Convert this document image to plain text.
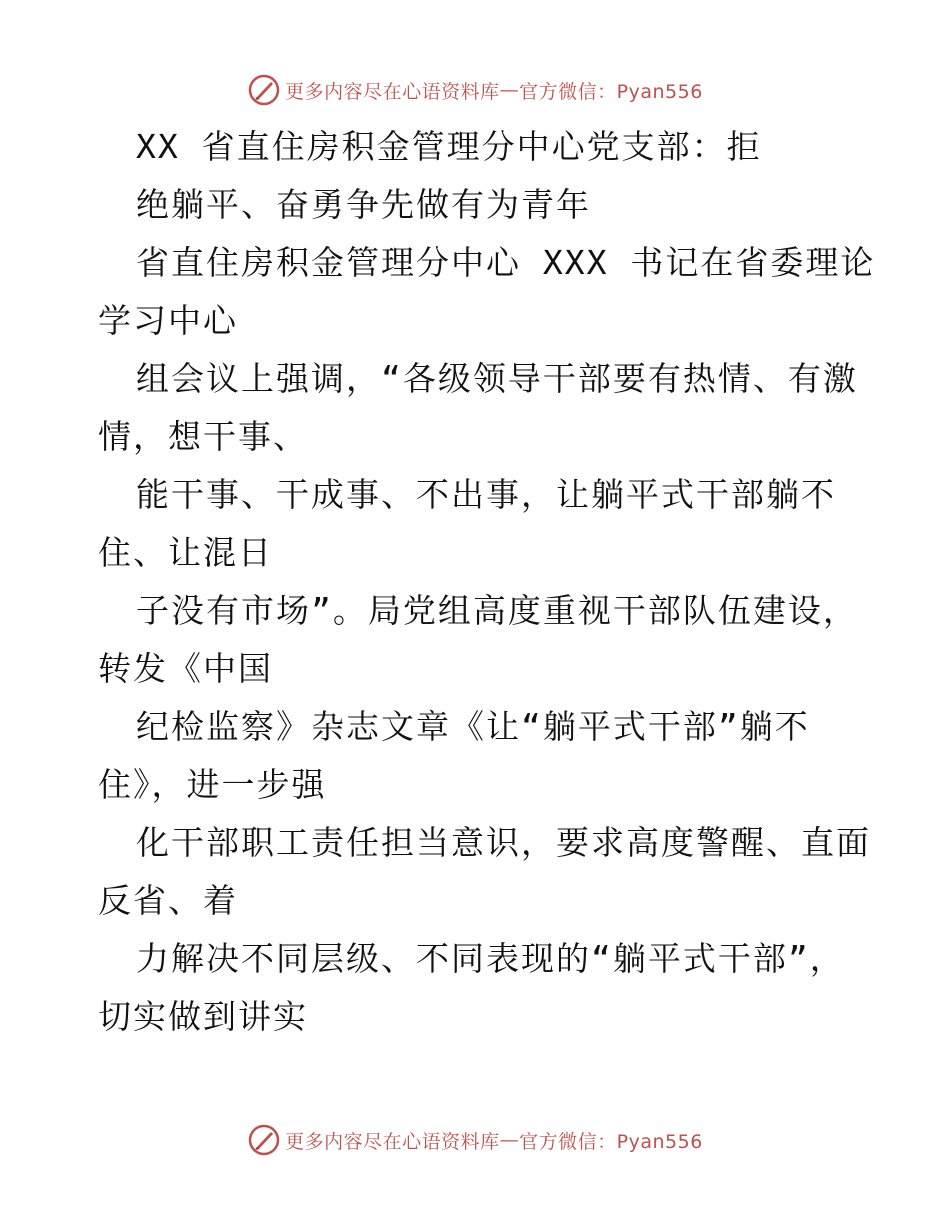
更多内容尽在心语资料库 — 官方微信：Pyan556
XX 省直住房积金管理分中心党支部：拒
绝躺平、奋勇争先做有为青年
省直住房积金管理分中心 XXX 书记在省委理论
学习中心
组会议上强调，“各级领导干部要有热情、有激
情，想干事、
能干事、干成事、不出事，让躺平式干部躺不
住、让混日
子没有市场”。局党组高度重视干部队伍建设，
转发《中国
纪检监察》杂志文章《让“躺平式干部”躺不
住》，进一步强
化干部职工责任担当意识，要求高度警醒、直面
反省、着
力解决不同层级、不同表现的“躺平式干部”，
切实做到讲实
更多内容尽在心语资料库 — 官方微信：Pyan556
